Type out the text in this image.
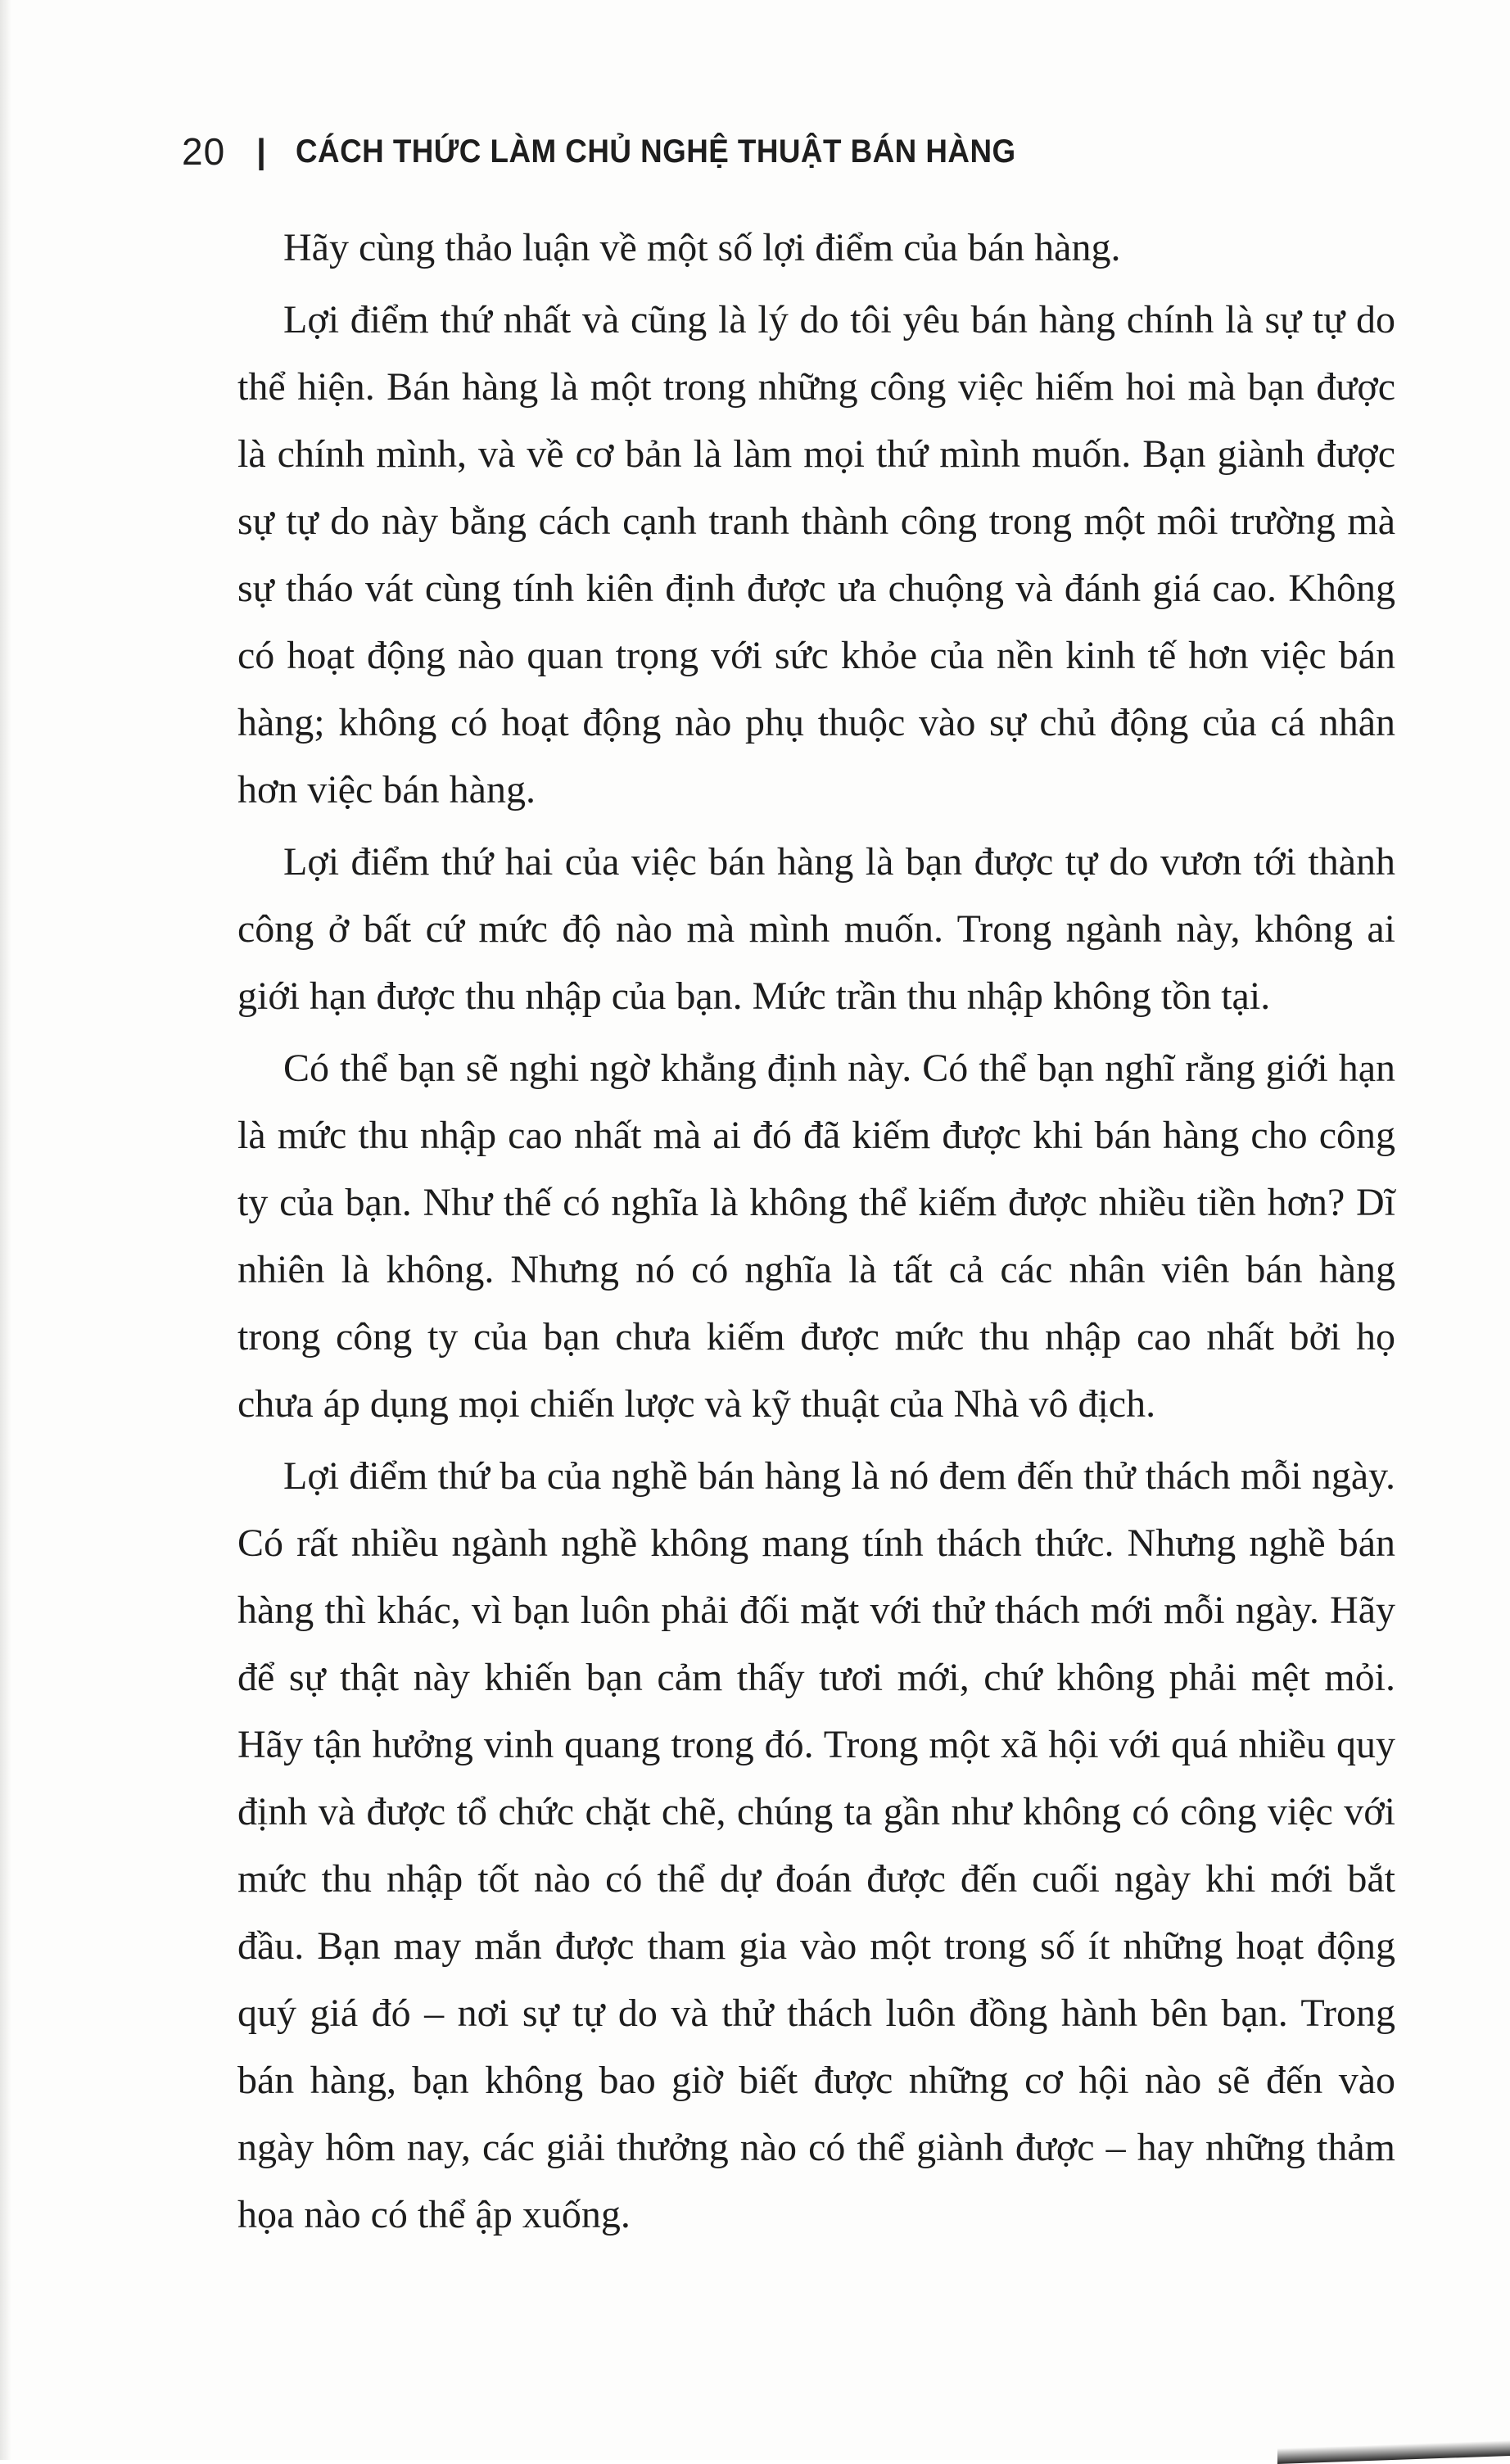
20 | CÁCH THỨC LÀM CHỦ NGHỆ THUẬT BÁN HÀNG

Hãy cùng thảo luận về một số lợi điểm của bán hàng.

Lợi điểm thứ nhất và cũng là lý do tôi yêu bán hàng chính là sự tự do thể hiện. Bán hàng là một trong những công việc hiếm hoi mà bạn được là chính mình, và về cơ bản là làm mọi thứ mình muốn. Bạn giành được sự tự do này bằng cách cạnh tranh thành công trong một môi trường mà sự tháo vát cùng tính kiên định được ưa chuộng và đánh giá cao. Không có hoạt động nào quan trọng với sức khỏe của nền kinh tế hơn việc bán hàng; không có hoạt động nào phụ thuộc vào sự chủ động của cá nhân hơn việc bán hàng.

Lợi điểm thứ hai của việc bán hàng là bạn được tự do vươn tới thành công ở bất cứ mức độ nào mà mình muốn. Trong ngành này, không ai giới hạn được thu nhập của bạn. Mức trần thu nhập không tồn tại.

Có thể bạn sẽ nghi ngờ khẳng định này. Có thể bạn nghĩ rằng giới hạn là mức thu nhập cao nhất mà ai đó đã kiếm được khi bán hàng cho công ty của bạn. Như thế có nghĩa là không thể kiếm được nhiều tiền hơn? Dĩ nhiên là không. Nhưng nó có nghĩa là tất cả các nhân viên bán hàng trong công ty của bạn chưa kiếm được mức thu nhập cao nhất bởi họ chưa áp dụng mọi chiến lược và kỹ thuật của Nhà vô địch.

Lợi điểm thứ ba của nghề bán hàng là nó đem đến thử thách mỗi ngày. Có rất nhiều ngành nghề không mang tính thách thức. Nhưng nghề bán hàng thì khác, vì bạn luôn phải đối mặt với thử thách mới mỗi ngày. Hãy để sự thật này khiến bạn cảm thấy tươi mới, chứ không phải mệt mỏi. Hãy tận hưởng vinh quang trong đó. Trong một xã hội với quá nhiều quy định và được tổ chức chặt chẽ, chúng ta gần như không có công việc với mức thu nhập tốt nào có thể dự đoán được đến cuối ngày khi mới bắt đầu. Bạn may mắn được tham gia vào một trong số ít những hoạt động quý giá đó – nơi sự tự do và thử thách luôn đồng hành bên bạn. Trong bán hàng, bạn không bao giờ biết được những cơ hội nào sẽ đến vào ngày hôm nay, các giải thưởng nào có thể giành được – hay những thảm họa nào có thể ập xuống.
